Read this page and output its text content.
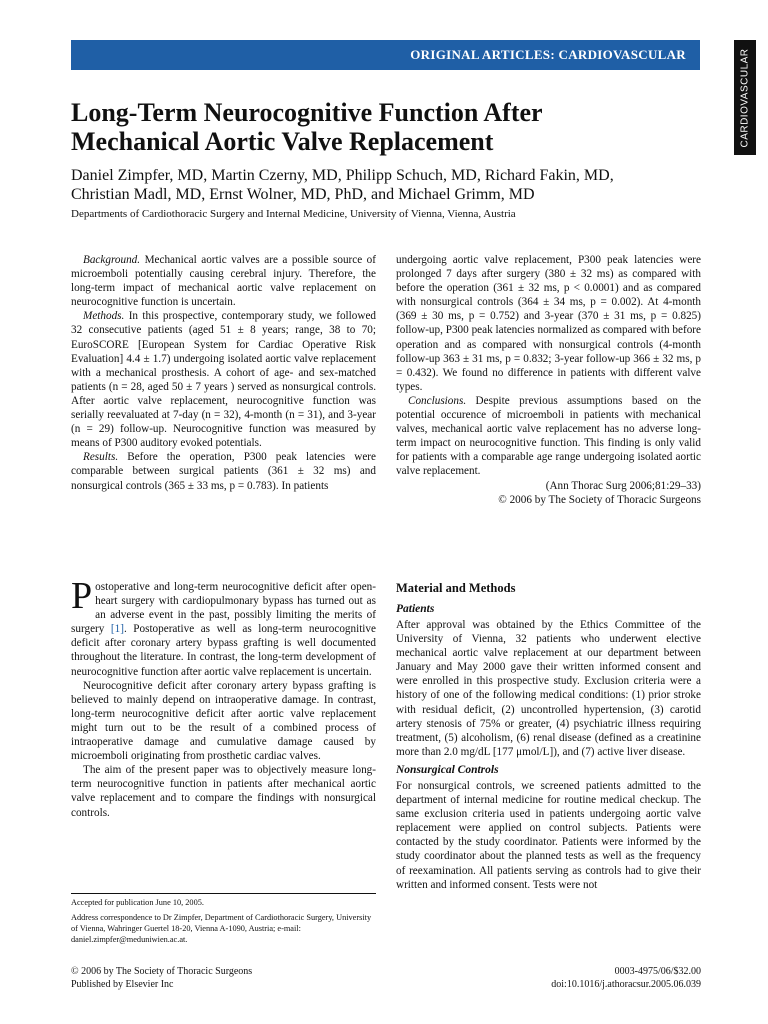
ORIGINAL ARTICLES: CARDIOVASCULAR	CARDIOVASCULAR
Long-Term Neurocognitive Function After
Mechanical Aortic Valve Replacement

Daniel Zimpfer, MD, Martin Czerny, MD, Philipp Schuch, MD, Richard Fakin, MD,
Christian Madl, MD, Ernst Wolner, MD, PhD, and Michael Grimm, MD

Departments of Cardiothoracic Surgery and Internal Medicine, University of Vienna, Vienna, Austria

Background. Mechanical aortic valves are a possible source of microemboli potentially causing cerebral injury. Therefore, the long-term impact of mechanical aortic valve replacement on neurocognitive function is uncertain.

Methods. In this prospective, contemporary study, we followed 32 consecutive patients (aged 51 ± 8 years; range, 38 to 70; EuroSCORE [European System for Cardiac Operative Risk Evaluation] 4.4 ± 1.7) undergoing isolated aortic valve replacement with a mechanical prosthesis. A cohort of age- and sex-matched patients (n = 28, aged 50 ± 7 years ) served as nonsurgical controls. After aortic valve replacement, neurocognitive function was serially reevaluated at 7-day (n = 32), 4-month (n = 31), and 3-year (n = 29) follow-up. Neurocognitive function was measured by means of P300 auditory evoked potentials.

Results. Before the operation, P300 peak latencies were comparable between surgical patients (361 ± 32 ms) and nonsurgical controls (365 ± 33 ms, p = 0.783). In patients

undergoing aortic valve replacement, P300 peak latencies were prolonged 7 days after surgery (380 ± 32 ms) as compared with before the operation (361 ± 32 ms, p < 0.0001) and as compared with nonsurgical controls (364 ± 34 ms, p = 0.002). At 4-month (369 ± 30 ms, p = 0.752) and 3-year (370 ± 31 ms, p = 0.825) follow-up, P300 peak latencies normalized as compared with before operation and as compared with nonsurgical controls (4-month follow-up 363 ± 31 ms, p = 0.832; 3-year follow-up 366 ± 32 ms, p = 0.432). We found no difference in patients with different valve types.

Conclusions. Despite previous assumptions based on the potential occurence of microemboli in patients with mechanical valves, mechanical aortic valve replacement has no adverse long-term impact on neurocognitive function. This finding is only valid for patients with a comparable age range undergoing isolated aortic valve replacement.

(Ann Thorac Surg 2006;81:29–33)

© 2006 by The Society of Thoracic Surgeons

Postoperative and long-term neurocognitive deficit after open-heart surgery with cardiopulmonary bypass has turned out as an adverse event in the past, possibly limiting the merits of surgery [1]. Postoperative as well as long-term neurocognitive deficit after coronary artery bypass grafting is well documented throughout the literature. In contrast, the long-term development of neurocognitive function after aortic valve replacement is uncertain.

Neurocognitive deficit after coronary artery bypass grafting is believed to mainly depend on intraoperative damage. In contrast, long-term neurocognitive deficit after aortic valve replacement might turn out to be the result of a combined process of intraoperative damage and cumulative damage caused by microemboli originating from prosthetic cardiac valves.

The aim of the present paper was to objectively measure long-term neurocognitive function in patients after mechanical aortic valve replacement and to compare the findings with nonsurgical controls.

Material and Methods
Patients

After approval was obtained by the Ethics Committee of the University of Vienna, 32 patients who underwent elective mechanical aortic valve replacement at our department between January and May 2000 gave their written informed consent and were enrolled in this prospective study. Exclusion criteria were a history of one of the following medical conditions: (1) prior stroke with residual deficit, (2) uncontrolled hypertension, (3) carotid artery stenosis of 75% or greater, (4) psychiatric illness requiring treatment, (5) alcoholism, (6) renal disease (defined as a creatinine more than 2.0 mg/dL [177 μmol/L]), and (7) active liver disease.

Nonsurgical Controls

For nonsurgical controls, we screened patients admitted to the department of internal medicine for routine medical checkup. The same exclusion criteria used in patients undergoing aortic valve replacement were applied on control subjects. Patients were contacted by the study coordinator. Patients were informed by the study coordinator about the planned tests as well as the frequency of reexamination. All patients serving as controls had to give their written and informed consent. Tests were not

Accepted for publication June 10, 2005.

Address correspondence to Dr Zimpfer, Department of Cardiothoracic Surgery, University of Vienna, Wahringer Guertel 18-20, Vienna A-1090, Austria; e-mail: daniel.zimpfer@meduniwien.ac.at.

© 2006 by The Society of Thoracic Surgeons
Published by Elsevier Inc
0003-4975/06/$32.00
doi:10.1016/j.athoracsur.2005.06.039
